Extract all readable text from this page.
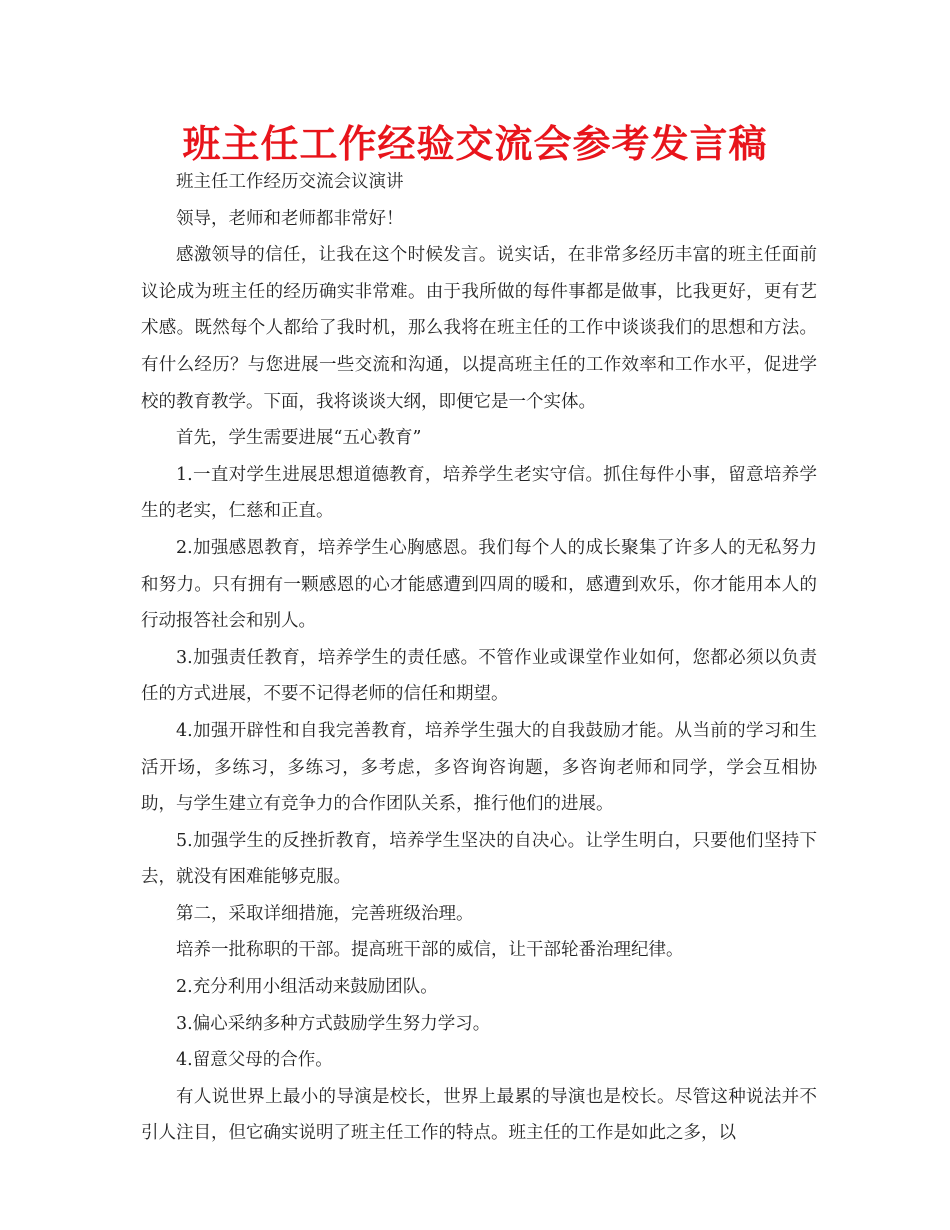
班主任工作经验交流会参考发言稿

班主任工作经历交流会议演讲

领导，老师和老师都非常好！

感激领导的信任，让我在这个时候发言。说实话，在非常多经历丰富的班主任面前议论成为班主任的经历确实非常难。由于我所做的每件事都是做事，比我更好，更有艺术感。既然每个人都给了我时机，那么我将在班主任的工作中谈谈我们的思想和方法。有什么经历？与您进展一些交流和沟通，以提高班主任的工作效率和工作水平，促进学校的教育教学。下面，我将谈谈大纲，即便它是一个实体。

首先，学生需要进展“五心教育”

1.一直对学生进展思想道德教育，培养学生老实守信。抓住每件小事，留意培养学生的老实，仁慈和正直。

2.加强感恩教育，培养学生心胸感恩。我们每个人的成长聚集了许多人的无私努力和努力。只有拥有一颗感恩的心才能感遭到四周的暖和，感遭到欢乐，你才能用本人的行动报答社会和别人。

3.加强责任教育，培养学生的责任感。不管作业或课堂作业如何，您都必须以负责任的方式进展，不要不记得老师的信任和期望。

4.加强开辟性和自我完善教育，培养学生强大的自我鼓励才能。从当前的学习和生活开场，多练习，多练习，多考虑，多咨询咨询题，多咨询老师和同学，学会互相协助，与学生建立有竞争力的合作团队关系，推行他们的进展。

5.加强学生的反挫折教育，培养学生坚决的自决心。让学生明白，只要他们坚持下去，就没有困难能够克服。

第二，采取详细措施，完善班级治理。

培养一批称职的干部。提高班干部的威信，让干部轮番治理纪律。

2.充分利用小组活动来鼓励团队。

3.偏心采纳多种方式鼓励学生努力学习。

4.留意父母的合作。

有人说世界上最小的导演是校长，世界上最累的导演也是校长。尽管这种说法并不引人注目，但它确实说明了班主任工作的特点。班主任的工作是如此之多，以
